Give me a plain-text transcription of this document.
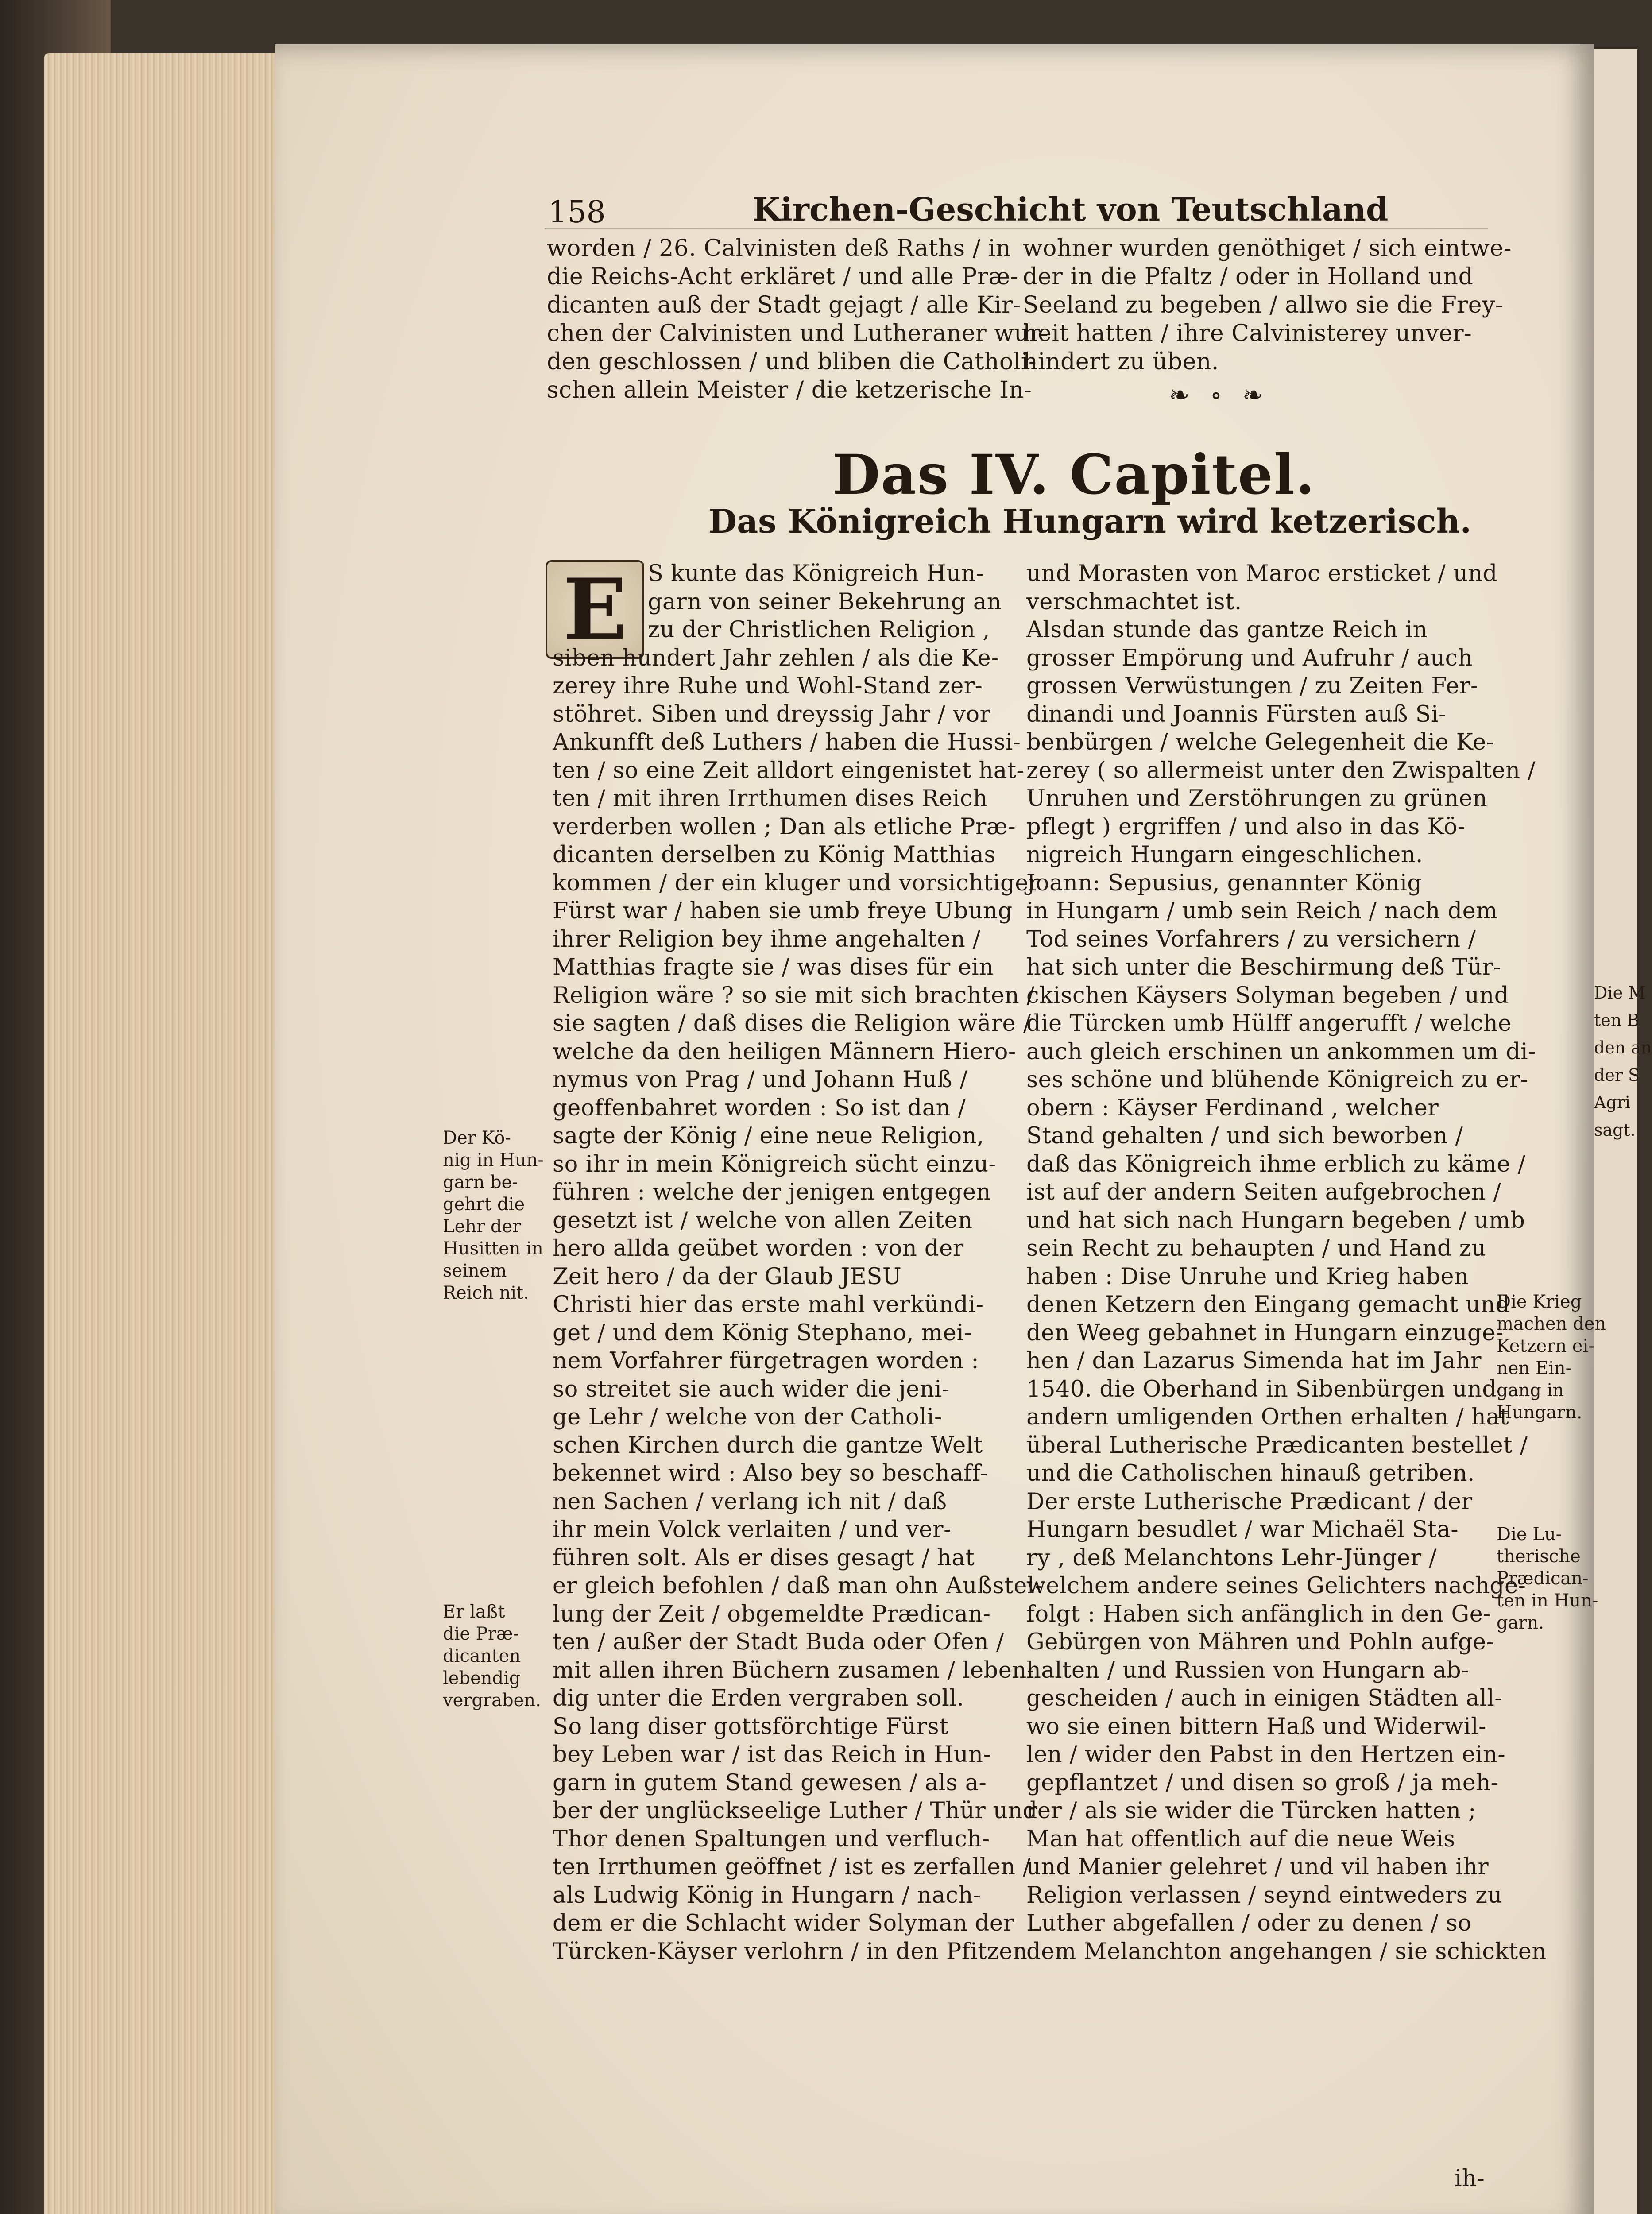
158	Kirchen-Geschicht von Teutschland
worden / 26. Calvinisten deß Raths / in
die Reichs-Acht erkläret / und alle Præ-
dicanten auß der Stadt gejagt / alle Kir-
chen der Calvinisten und Lutheraner wur-
den geschlossen / und bliben die Catholi-
schen allein Meister / die ketzerische In-
wohner wurden genöthiget / sich eintwe-
der in die Pfaltz / oder in Holland und
Seeland zu begeben / allwo sie die Frey-
heit hatten / ihre Calvinisterey unver-
hindert zu üben.
❧ ∘ ❧
Das IV. Capitel.
Das Königreich Hungarn wird ketzerisch.
E S kunte das Königreich Hun-
garn von seiner Bekehrung an
zu der Christlichen Religion ,
siben hundert Jahr zehlen / als die Ke-
zerey ihre Ruhe und Wohl-Stand zer-
stöhret. Siben und dreyssig Jahr / vor
Ankunfft deß Luthers / haben die Hussi-
ten / so eine Zeit alldort eingenistet hat-
ten / mit ihren Irrthumen dises Reich
verderben wollen ; Dan als etliche Præ-
dicanten derselben zu König Matthias
kommen / der ein kluger und vorsichtiger
Fürst war / haben sie umb freye Ubung
ihrer Religion bey ihme angehalten /
Matthias fragte sie / was dises für ein
Religion wäre ? so sie mit sich brachten /
sie sagten / daß dises die Religion wäre /
welche da den heiligen Männern Hiero-
nymus von Prag / und Johann Huß /
geoffenbahret worden : So ist dan /
sagte der König / eine neue Religion,
so ihr in mein Königreich sücht einzu-
führen : welche der jenigen entgegen
gesetzt ist / welche von allen Zeiten
hero allda geübet worden : von der
Zeit hero / da der Glaub JESU
Christi hier das erste mahl verkündi-
get / und dem König Stephano, mei-
nem Vorfahrer fürgetragen worden :
so streitet sie auch wider die jeni-
ge Lehr / welche von der Catholi-
schen Kirchen durch die gantze Welt
bekennet wird : Also bey so beschaff-
nen Sachen / verlang ich nit / daß
ihr mein Volck verlaiten / und ver-
führen solt. Als er dises gesagt / hat
er gleich befohlen / daß man ohn Außstel-
lung der Zeit / obgemeldte Prædican-
ten / außer der Stadt Buda oder Ofen /
mit allen ihren Büchern zusamen / leben-
dig unter die Erden vergraben soll.
So lang diser gottsförchtige Fürst
bey Leben war / ist das Reich in Hun-
garn in gutem Stand gewesen / als a-
ber der unglückseelige Luther / Thür und
Thor denen Spaltungen und verfluch-
ten Irrthumen geöffnet / ist es zerfallen /
als Ludwig König in Hungarn / nach-
dem er die Schlacht wider Solyman der
Türcken-Käyser verlohrn / in den Pfitzen
und Morasten von Maroc ersticket / und
verschmachtet ist.
Alsdan stunde das gantze Reich in
grosser Empörung und Aufruhr / auch
grossen Verwüstungen / zu Zeiten Fer-
dinandi und Joannis Fürsten auß Si-
benbürgen / welche Gelegenheit die Ke-
zerey ( so allermeist unter den Zwispalten /
Unruhen und Zerstöhrungen zu grünen
pflegt ) ergriffen / und also in das Kö-
nigreich Hungarn eingeschlichen.
Joann: Sepusius, genannter König
in Hungarn / umb sein Reich / nach dem
Tod seines Vorfahrers / zu versichern /
hat sich unter die Beschirmung deß Tür-
ckischen Käysers Solyman begeben / und
die Türcken umb Hülff angerufft / welche
auch gleich erschinen un ankommen um di-
ses schöne und blühende Königreich zu er-
obern : Käyser Ferdinand , welcher
Stand gehalten / und sich beworben /
daß das Königreich ihme erblich zu käme /
ist auf der andern Seiten aufgebrochen /
und hat sich nach Hungarn begeben / umb
sein Recht zu behaupten / und Hand zu
haben : Dise Unruhe und Krieg haben
denen Ketzern den Eingang gemacht und
den Weeg gebahnet in Hungarn einzuge-
hen / dan Lazarus Simenda hat im Jahr
1540. die Oberhand in Sibenbürgen und
andern umligenden Orthen erhalten / hat
überal Lutherische Prædicanten bestellet /
und die Catholischen hinauß getriben.
Der erste Lutherische Prædicant / der
Hungarn besudlet / war Michaël Sta-
ry , deß Melanchtons Lehr-Jünger /
welchem andere seines Gelichters nachge-
folgt : Haben sich anfänglich in den Ge-
Gebürgen von Mähren und Pohln aufge-
halten / und Russien von Hungarn ab-
gescheiden / auch in einigen Städten all-
wo sie einen bittern Haß und Widerwil-
len / wider den Pabst in den Hertzen ein-
gepflantzet / und disen so groß / ja meh-
rer / als sie wider die Türcken hatten ;
Man hat offentlich auf die neue Weis
und Manier gelehret / und vil haben ihr
Religion verlassen / seynd eintweders zu
Luther abgefallen / oder zu denen / so
dem Melanchton angehangen / sie schickten
Der Kö-
nig in Hun-
garn be-
gehrt die
Lehr der
Husitten in
seinem
Reich nit.
Er laßt
die Præ-
dicanten
lebendig
vergraben.
Die Krieg
machen den
Ketzern ei-
nen Ein-
gang in
Hungarn.
Die Lu-
therische
Prædican-
ten in Hun-
garn.
Die M
ten B
den an
der S
Agri
sagt.
ih-
